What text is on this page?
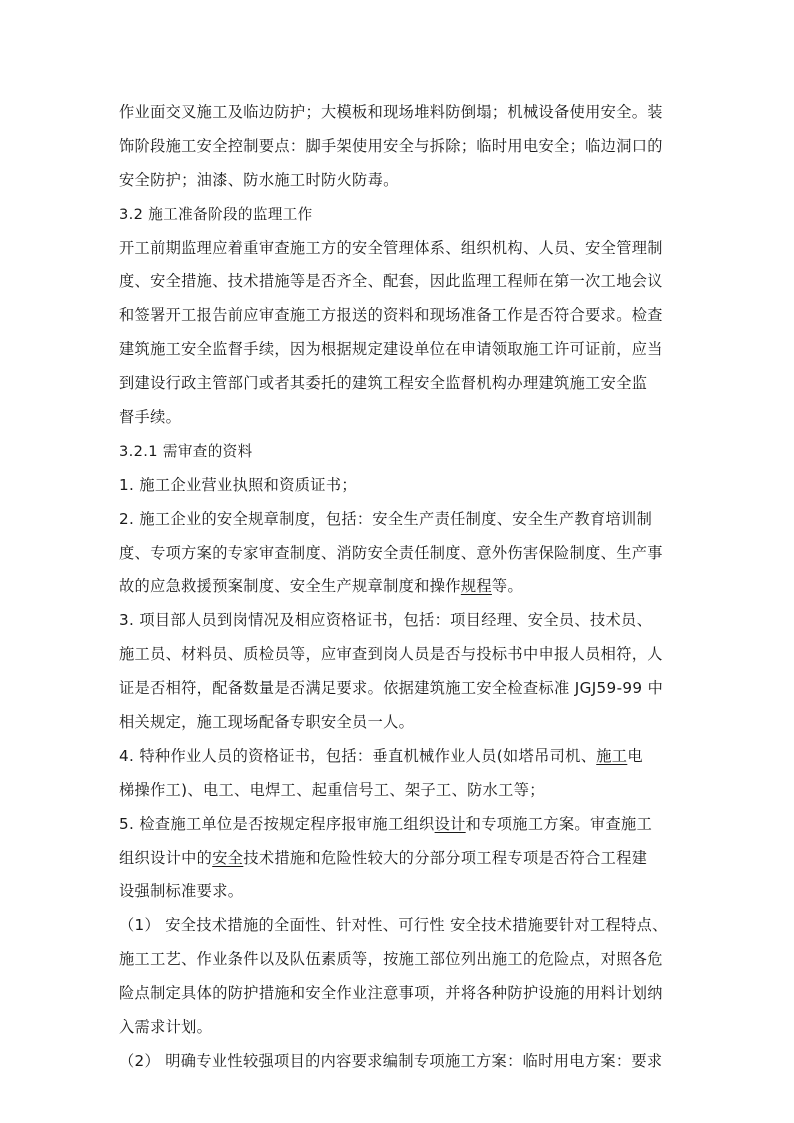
作业面交叉施工及临边防护；大模板和现场堆料防倒塌；机械设备使用安全。装
饰阶段施工安全控制要点：脚手架使用安全与拆除；临时用电安全；临边洞口的
安全防护；油漆、防水施工时防火防毒。
3.2 施工准备阶段的监理工作
开工前期监理应着重审查施工方的安全管理体系、组织机构、人员、安全管理制
度、安全措施、技术措施等是否齐全、配套，因此监理工程师在第一次工地会议
和签署开工报告前应审查施工方报送的资料和现场准备工作是否符合要求。检查
建筑施工安全监督手续，因为根据规定建设单位在申请领取施工许可证前，应当
到建设行政主管部门或者其委托的建筑工程安全监督机构办理建筑施工安全监
督手续。
3.2.1 需审查的资料
1. 施工企业营业执照和资质证书；
2. 施工企业的安全规章制度，包括：安全生产责任制度、安全生产教育培训制
度、专项方案的专家审查制度、消防安全责任制度、意外伤害保险制度、生产事
故的应急救援预案制度、安全生产规章制度和操作规程等。
3. 项目部人员到岗情况及相应资格证书，包括：项目经理、安全员、技术员、
施工员、材料员、质检员等，应审查到岗人员是否与投标书中申报人员相符，人
证是否相符，配备数量是否满足要求。依据建筑施工安全检查标准 JGJ59-99 中
相关规定，施工现场配备专职安全员一人。
4. 特种作业人员的资格证书，包括：垂直机械作业人员(如塔吊司机、施工电
梯操作工)、电工、电焊工、起重信号工、架子工、防水工等；
5. 检查施工单位是否按规定程序报审施工组织设计和专项施工方案。审查施工
组织设计中的安全技术措施和危险性较大的分部分项工程专项是否符合工程建
设强制标准要求。
（1） 安全技术措施的全面性、针对性、可行性 安全技术措施要针对工程特点、
施工工艺、作业条件以及队伍素质等，按施工部位列出施工的危险点，对照各危
险点制定具体的防护措施和安全作业注意事项，并将各种防护设施的用料计划纳
入需求计划。
（2） 明确专业性较强项目的内容要求编制专项施工方案：临时用电方案：要求
